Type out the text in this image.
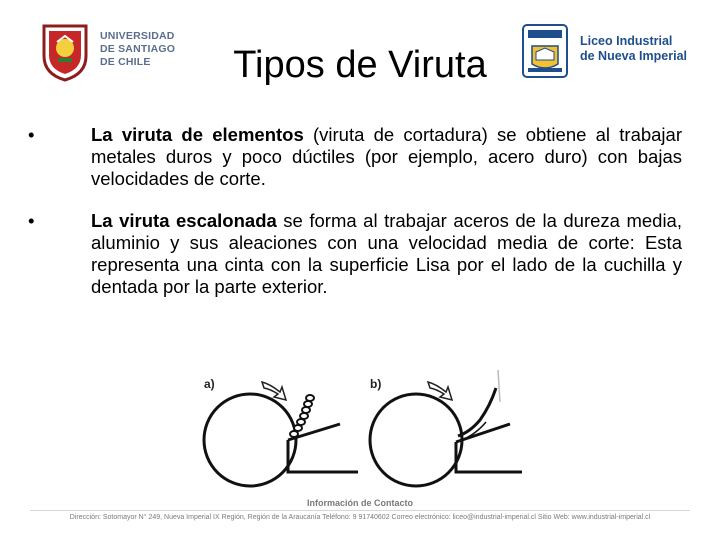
UNIVERSIDAD
DE SANTIAGO
DE CHILE	Tipos de Viruta
Liceo Industrial
de Nueva Imperial
•	La viruta de elementos (viruta de cortadura) se obtiene al trabajar metales duros y poco dúctiles (por ejemplo, acero duro) con bajas velocidades de corte.
•	La viruta escalonada se forma al trabajar aceros de la dureza media, aluminio y sus aleaciones con una velocidad media de corte: Esta representa una cinta con la superficie Lisa por el lado de la cuchilla y dentada por la parte exterior.
a)	b)
Información de Contacto
Dirección: Sotomayor N° 249, Nueva Imperial IX Región, Región de la Araucanía Teléfono: 9 91740602 Correo electrónico: liceo@industrial-imperial.cl Sitio Web: www.industrial-imperial.cl
